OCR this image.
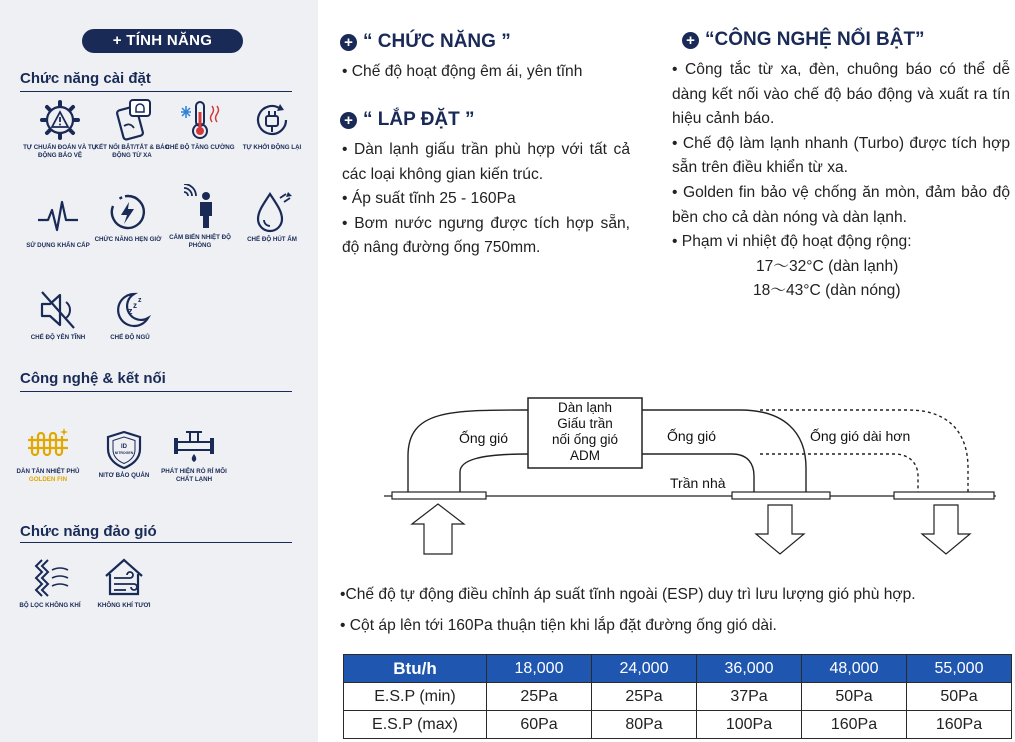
+ TÍNH NĂNG
Chức năng cài đặt
TỰ CHUẨN ĐOÁN VÀ TỰ ĐỘNG BẢO VỆ
KẾT NỐI BẬT/TẮT & BÁO ĐỘNG TỪ XA
CHẾ ĐỘ TĂNG CƯỜNG	TỰ KHỞI ĐỘNG LẠI
SỬ DỤNG KHẨN CẤP
CHỨC NĂNG HẸN GIỜ	CẢM BIẾN NHIỆT ĐỘ PHÒNG
CHẾ ĐỘ HÚT ẨM
CHẾ ĐỘ YÊN TĨNH
z
z
z
CHẾ ĐỘ NGỦ
Công nghệ & kết nối
DÀN TẢN NHIỆT PHỦ GOLDEN FIN
ID
NITROGEN
NITƠ BẢO QUẢN
PHÁT HIỆN RÒ RỈ MÔI CHẤT LẠNH
Chức năng đảo gió
BỘ LỌC KHÔNG KHÍ	KHÔNG KHÍ TƯƠI
+ “ CHỨC NĂNG ”

• Chế độ hoạt động êm ái, yên tĩnh

+ “ LẮP ĐẶT ”

• Dàn lạnh giấu trần phù hợp với tất cả các loại không gian kiến trúc.

• Áp suất tĩnh 25 - 160Pa

• Bơm nước ngưng được tích hợp sẵn, độ nâng đường ống 750mm.

+ “CÔNG NGHỆ NỔI BẬT”

• Công tắc từ xa, đèn, chuông báo có thể dễ dàng kết nối vào chế độ báo động và xuất ra tín hiệu cảnh báo.

• Chế độ làm lạnh nhanh (Turbo) được tích hợp sẵn trên điều khiển từ xa.

• Golden fin bảo vệ chống ăn mòn, đảm bảo độ bền cho cả dàn nóng và dàn lạnh.

• Phạm vi nhiệt độ hoạt động rộng:

17～32°C (dàn lạnh)

18～43°C (dàn nóng)

Dàn lạnh
Giấu trần
nối ống gió
ADM
Ống gió	Ống gió	Ống gió dài hơn
Trần nhà

•Chế độ tự động điều chỉnh áp suất tĩnh ngoài (ESP) duy trì lưu lượng gió phù hợp.

• Cột áp lên tới 160Pa thuận tiện khi lắp đặt đường ống gió dài.

Btu/h	18,000	24,000	36,000	48,000	55,000
E.S.P (min)	25Pa	25Pa	37Pa	50Pa	50Pa
E.S.P (max)	60Pa	80Pa	100Pa	160Pa	160Pa
